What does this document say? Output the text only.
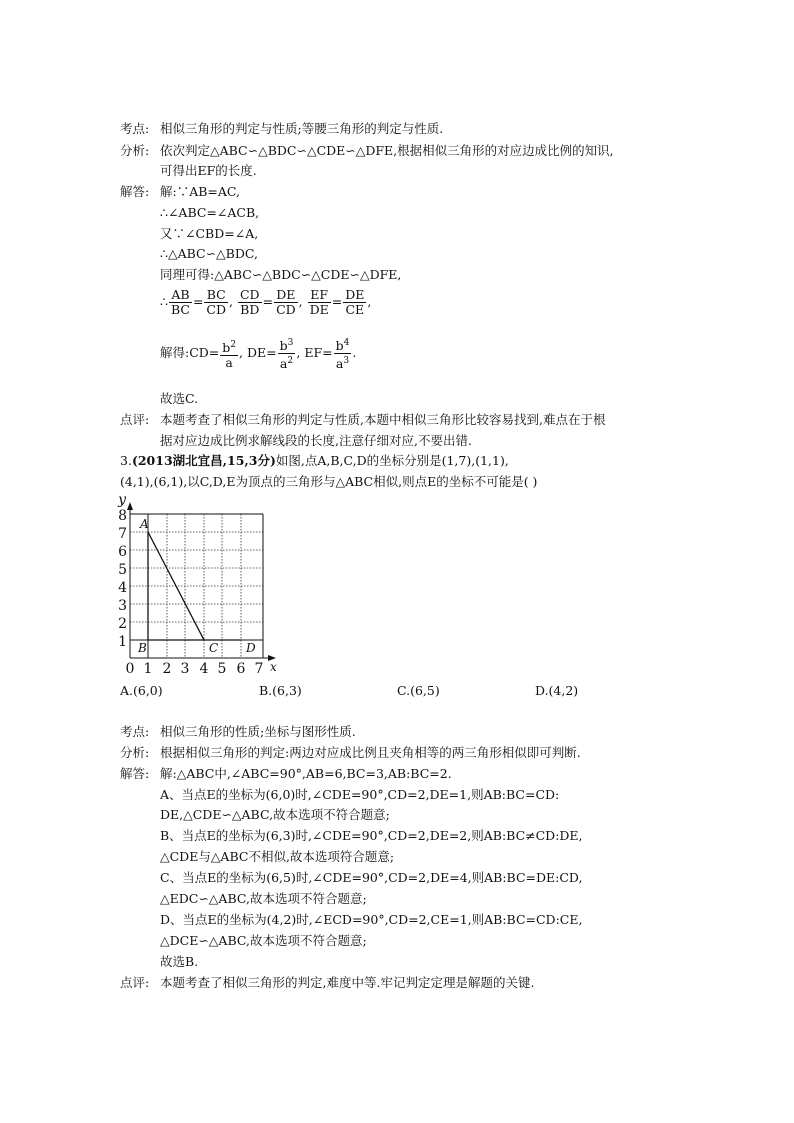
考点: 相似三角形的判定与性质;等腰三角形的判定与性质.
分析: 依次判定△ABC∽△BDC∽△CDE∽△DFE,根据相似三角形的对应边成比例的知识,
可得出EF的长度.
解答: 解:∵AB=AC,
∴∠ABC=∠ACB,
又∵∠CBD=∠A,
∴△ABC∽△BDC,
同理可得:△ABC∽△BDC∽△CDE∽△DFE,
∴ $\frac{AB}{BC} = \frac{BC}{CD}$ , $\frac{CD}{BD} = \frac{DE}{CD}$ , $\frac{EF}{DE} = \frac{DE}{CE}$ ,
解得:CD= $\frac{b^2}{a}$ , $DE= \frac{b^3}{a^2}$ , $EF= \frac{b^4}{a^3}$ .
故选C.
点评: 本题考查了相似三角形的判定与性质,本题中相似三角形比较容易找到,难点在于根
据对应边成比例求解线段的长度,注意仔细对应,不要出错.
3.(2013湖北宜昌,15,3分)如图,点A,B,C,D的坐标分别是(1,7),(1,1),
(4,1),(6,1),以C,D,E为顶点的三角形与△ABC相似,则点E的坐标不可能是( )
y
x
8
7
6
5
4
3
2
1
0 1 2 3 4 5 6 7
A
B	C D
A.(6,0)	B.(6,3)	C.(6,5)	D.(4,2)
考点: 相似三角形的性质;坐标与图形性质.
分析: 根据相似三角形的判定:两边对应成比例且夹角相等的两三角形相似即可判断.
解答: 解:△ABC中,∠ABC=90°,AB=6,BC=3,AB:BC=2.
A、当点E的坐标为(6,0)时,∠CDE=90°,CD=2,DE=1,则AB:BC=CD:
DE,△CDE∽△ABC,故本选项不符合题意;
B、当点E的坐标为(6,3)时,∠CDE=90°,CD=2,DE=2,则AB:BC≠CD:DE,
△CDE与△ABC不相似,故本选项符合题意;
C、当点E的坐标为(6,5)时,∠CDE=90°,CD=2,DE=4,则AB:BC=DE:CD,
△EDC∽△ABC,故本选项不符合题意;
D、当点E的坐标为(4,2)时,∠ECD=90°,CD=2,CE=1,则AB:BC=CD:CE,
△DCE∽△ABC,故本选项不符合题意;
故选B.
点评: 本题考查了相似三角形的判定,难度中等.牢记判定定理是解题的关键.
